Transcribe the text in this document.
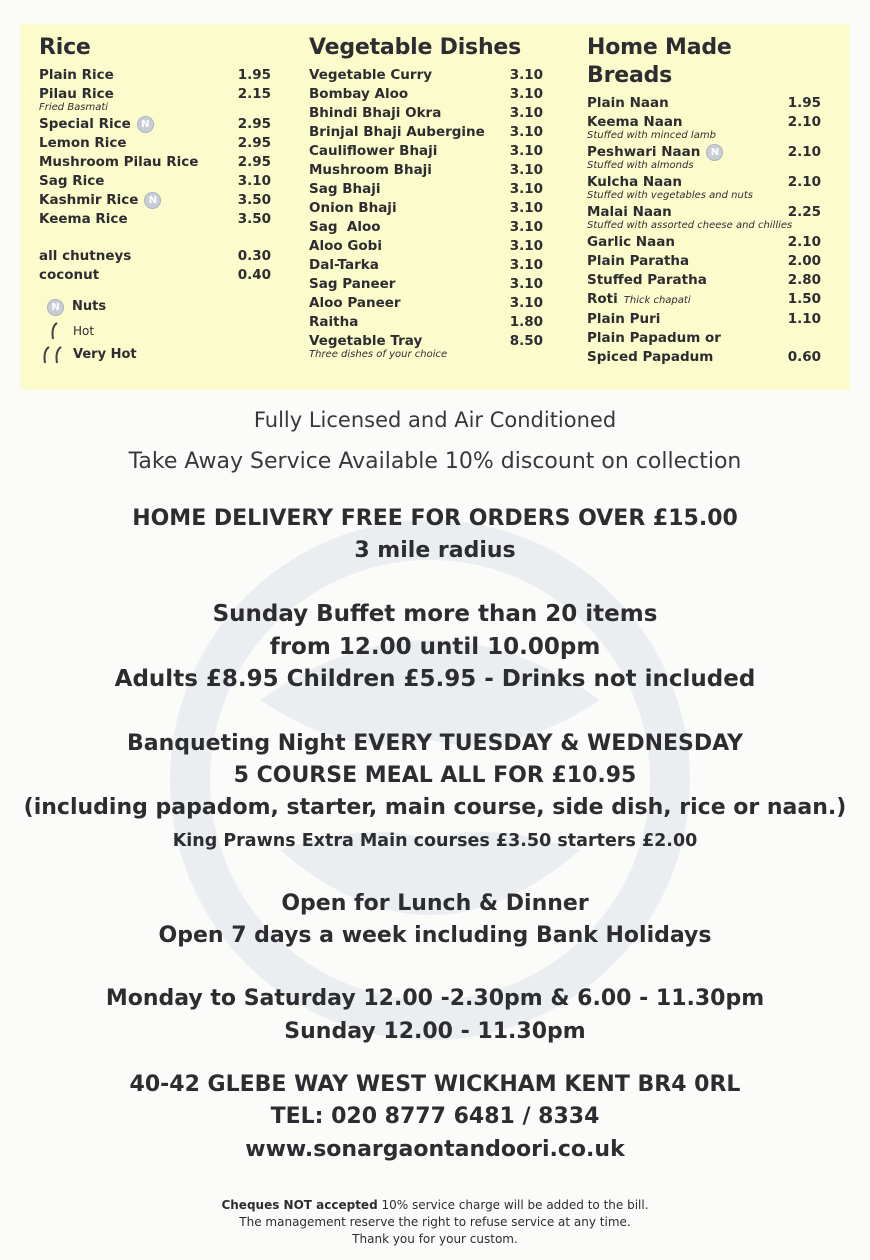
Rice
Plain Rice	1.95
Pilau Rice	2.15
Fried Basmati
Special Rice N	2.95
Lemon Rice	2.95
Mushroom Pilau Rice	2.95
Sag Rice	3.10
Kashmir Rice N	3.50
Keema Rice	3.50
all chutneys	0.30
coconut	0.40
N Nuts
Hot
Very Hot
Vegetable Dishes
Vegetable Curry	3.10
Bombay Aloo	3.10
Bhindi Bhaji Okra	3.10
Brinjal Bhaji Aubergine 3.10
Cauliflower Bhaji	3.10
Mushroom Bhaji	3.10
Sag Bhaji	3.10
Onion Bhaji	3.10
Sag  Aloo	3.10
Aloo Gobi	3.10
Dal-Tarka	3.10
Sag Paneer	3.10
Aloo Paneer	3.10
Raitha	1.80
Vegetable Tray	8.50
Three dishes of your choice
Home Made Breads
Plain Naan	1.95
Keema Naan	2.10
Stuffed with minced lamb
Peshwari Naan N	2.10
Stuffed with almonds
Kulcha Naan	2.10
Stuffed with vegetables and nuts
Malai Naan	2.25
Stuffed with assorted cheese and chillies
Garlic Naan	2.10
Plain Paratha	2.00
Stuffed Paratha	2.80
Roti Thick chapati	1.50
Plain Puri	1.10
Plain Papadum or
Spiced Papadum	0.60
Fully Licensed and Air Conditioned
Take Away Service Available 10% discount on collection
HOME DELIVERY FREE FOR ORDERS OVER £15.00
3 mile radius
Sunday Buffet more than 20 items
from 12.00 until 10.00pm
Adults £8.95 Children £5.95 - Drinks not included
Banqueting Night EVERY TUESDAY & WEDNESDAY
5 COURSE MEAL ALL FOR £10.95
(including papadom, starter, main course, side dish, rice or naan.)
King Prawns Extra Main courses £3.50 starters £2.00
Open for Lunch & Dinner
Open 7 days a week including Bank Holidays
Monday to Saturday 12.00 -2.30pm & 6.00 - 11.30pm
Sunday 12.00 - 11.30pm
40-42 GLEBE WAY WEST WICKHAM KENT BR4 0RL
TEL: 020 8777 6481 / 8334
www.sonargaontandoori.co.uk
Cheques NOT accepted 10% service charge will be added to the bill.
The management reserve the right to refuse service at any time.
Thank you for your custom.
